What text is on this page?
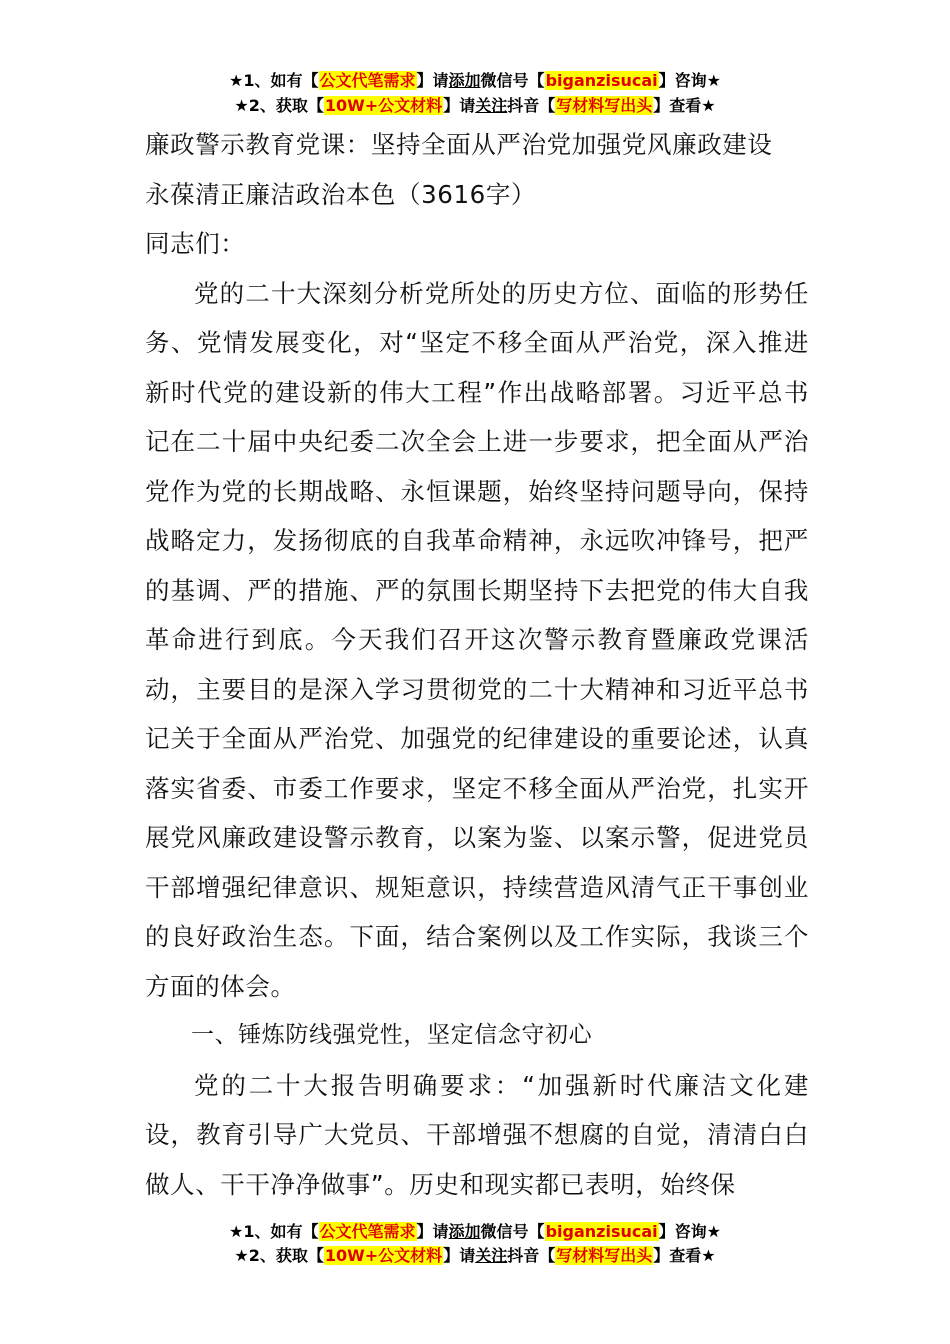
★1、如有【公文代笔需求】请添加微信号【biganzisucai】咨询★
★2、获取【10W+公文材料】请关注抖音【写材料写出头】查看★

廉政警示教育党课：坚持全面从严治党加强党风廉政建设

永葆清正廉洁政治本色（3616字）

同志们：

党的二十大深刻分析党所处的历史方位、面临的形势任务、党情发展变化，对“坚定不移全面从严治党，深入推进新时代党的建设新的伟大工程”作出战略部署。习近平总书记在二十届中央纪委二次全会上进一步要求，把全面从严治党作为党的长期战略、永恒课题，始终坚持问题导向，保持战略定力，发扬彻底的自我革命精神，永远吹冲锋号，把严的基调、严的措施、严的氛围长期坚持下去把党的伟大自我革命进行到底。今天我们召开这次警示教育暨廉政党课活动，主要目的是深入学习贯彻党的二十大精神和习近平总书记关于全面从严治党、加强党的纪律建设的重要论述，认真落实省委、市委工作要求，坚定不移全面从严治党，扎实开展党风廉政建设警示教育，以案为鉴、以案示警，促进党员干部增强纪律意识、规矩意识，持续营造风清气正干事创业的良好政治生态。下面，结合案例以及工作实际，我谈三个方面的体会。

一、锤炼防线强党性，坚定信念守初心

党的二十大报告明确要求：“加强新时代廉洁文化建设，教育引导广大党员、干部增强不想腐的自觉，清清白白做人、干干净净做事”。历史和现实都已表明，始终保

★1、如有【公文代笔需求】请添加微信号【biganzisucai】咨询★
★2、获取【10W+公文材料】请关注抖音【写材料写出头】查看★
